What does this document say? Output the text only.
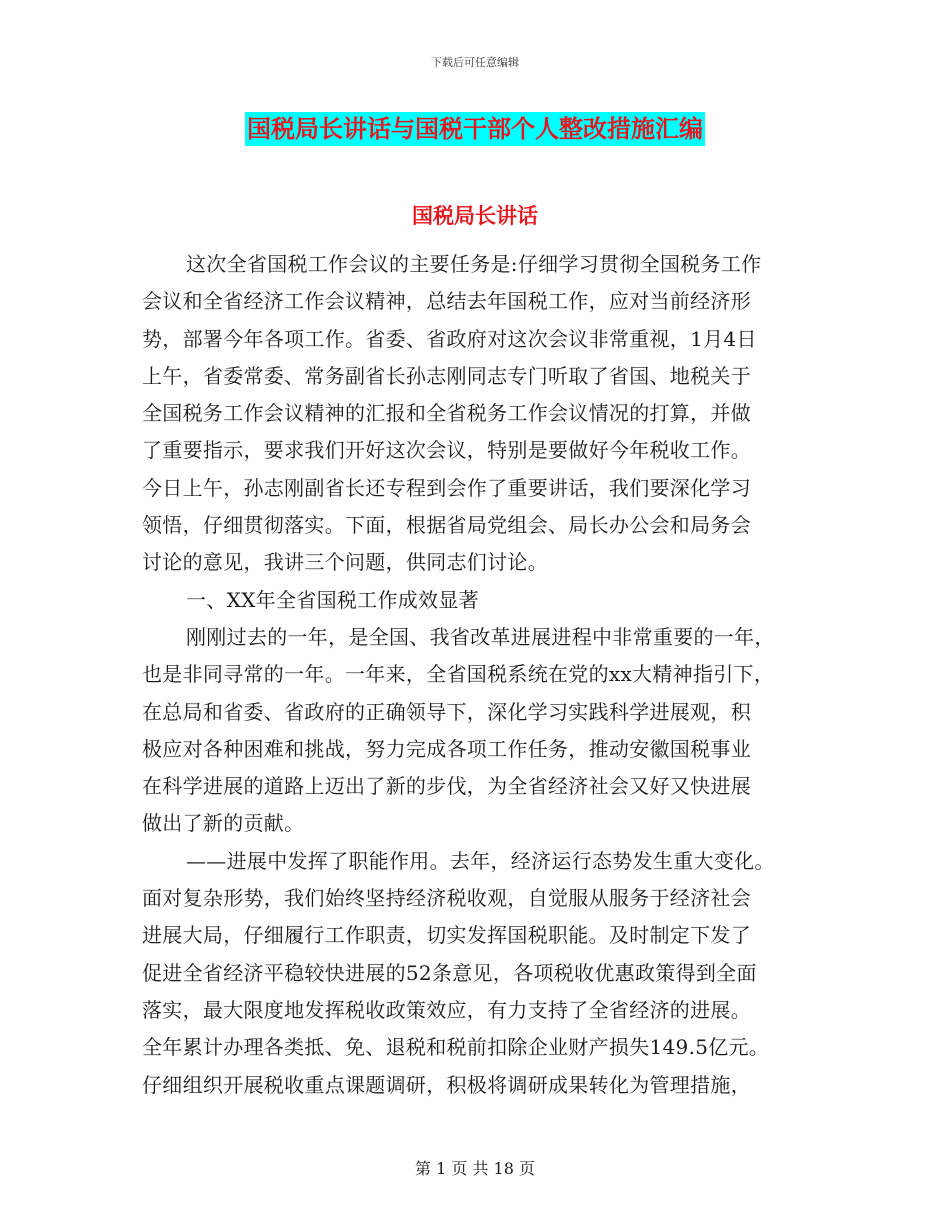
下载后可任意编辑
国税局长讲话与国税干部个人整改措施汇编
国税局长讲话
这次全省国税工作会议的主要任务是:仔细学习贯彻全国税务工作
会议和全省经济工作会议精神，总结去年国税工作，应对当前经济形
势，部署今年各项工作。省委、省政府对这次会议非常重视，1月4日
上午，省委常委、常务副省长孙志刚同志专门听取了省国、地税关于
全国税务工作会议精神的汇报和全省税务工作会议情况的打算，并做
了重要指示，要求我们开好这次会议，特别是要做好今年税收工作。
今日上午，孙志刚副省长还专程到会作了重要讲话，我们要深化学习
领悟，仔细贯彻落实。下面，根据省局党组会、局长办公会和局务会
讨论的意见，我讲三个问题，供同志们讨论。
一、XX年全省国税工作成效显著
刚刚过去的一年，是全国、我省改革进展进程中非常重要的一年，
也是非同寻常的一年。一年来，全省国税系统在党的xx大精神指引下，
在总局和省委、省政府的正确领导下，深化学习实践科学进展观，积
极应对各种困难和挑战，努力完成各项工作任务，推动安徽国税事业
在科学进展的道路上迈出了新的步伐，为全省经济社会又好又快进展
做出了新的贡献。
——进展中发挥了职能作用。去年，经济运行态势发生重大变化。
面对复杂形势，我们始终坚持经济税收观，自觉服从服务于经济社会
进展大局，仔细履行工作职责，切实发挥国税职能。及时制定下发了
促进全省经济平稳较快进展的52条意见，各项税收优惠政策得到全面
落实，最大限度地发挥税收政策效应，有力支持了全省经济的进展。
全年累计办理各类抵、免、退税和税前扣除企业财产损失149.5亿元。
仔细组织开展税收重点课题调研，积极将调研成果转化为管理措施，
第 1 页 共 18 页
